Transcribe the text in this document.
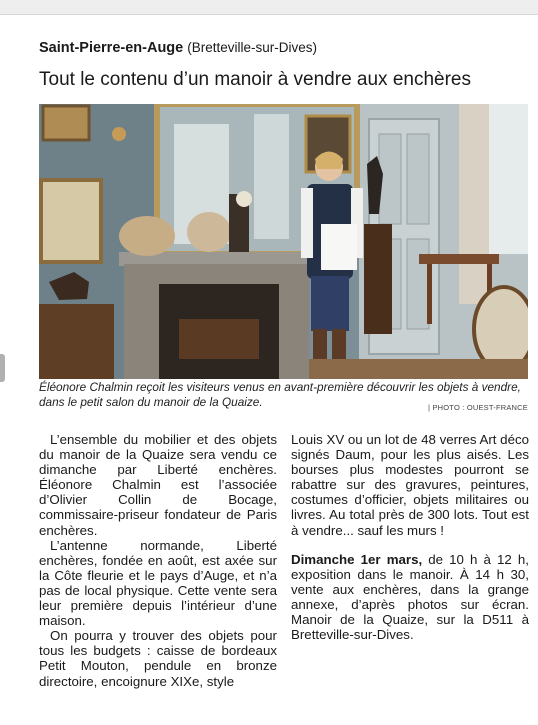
Saint-Pierre-en-Auge (Bretteville-sur-Dives)
Tout le contenu d’un manoir à vendre aux enchères
Éléonore Chalmin reçoit les visiteurs venus en avant-première découvrir les objets à vendre, dans le petit salon du manoir de la Quaize.	| PHOTO : OUEST-FRANCE

L’ensemble du mobilier et des objets du manoir de la Quaize sera vendu ce dimanche par Liberté enchères. Éléonore Chalmin est l’associée d’Olivier Collin de Bocage, commissaire-priseur fondateur de Paris enchères.

L’antenne normande, Liberté enchères, fondée en août, est axée sur la Côte fleurie et le pays d’Auge, et n’a pas de local physique. Cette vente sera leur première depuis l’intérieur d’une maison.

On pourra y trouver des objets pour tous les budgets : caisse de bordeaux Petit Mouton, pendule en bronze directoire, encoignure XIXe, style

Louis XV ou un lot de 48 verres Art déco signés Daum, pour les plus aisés. Les bourses plus modestes pourront se rabattre sur des gravures, peintures, costumes d’officier, objets militaires ou livres. Au total près de 300 lots. Tout est à vendre... sauf les murs !

Dimanche 1er mars, de 10 h à 12 h, exposition dans le manoir. À 14 h 30, vente aux enchères, dans la grange annexe, d’après photos sur écran. Manoir de la Quaize, sur la D511 à Bretteville-sur-Dives.
